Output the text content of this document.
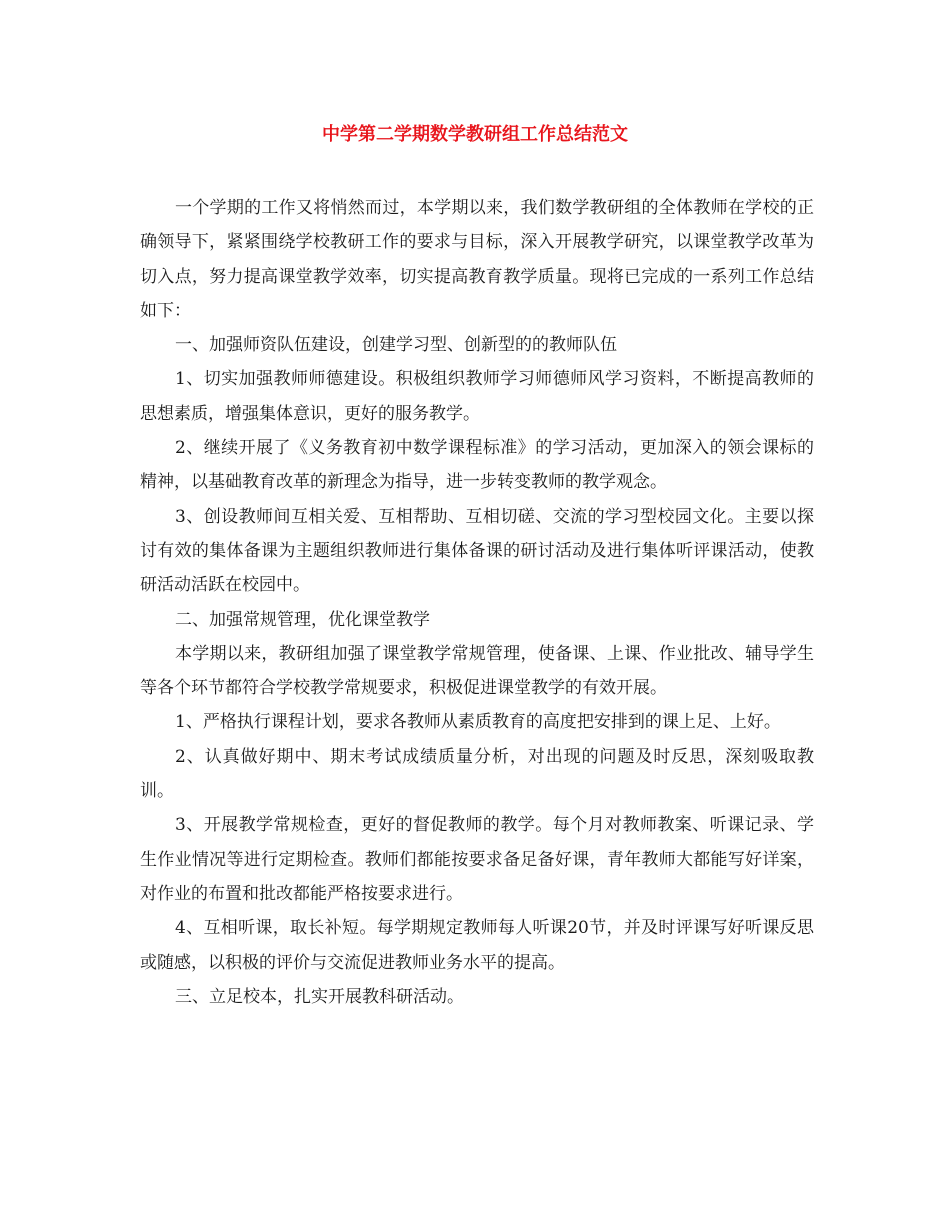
中学第二学期数学教研组工作总结范文

一个学期的工作又将悄然而过，本学期以来，我们数学教研组的全体教师在学校的正确领导下，紧紧围绕学校教研工作的要求与目标，深入开展教学研究，以课堂教学改革为切入点，努力提高课堂教学效率，切实提高教育教学质量。现将已完成的一系列工作总结如下：

一、加强师资队伍建设，创建学习型、创新型的的教师队伍

1、切实加强教师师德建设。积极组织教师学习师德师风学习资料，不断提高教师的思想素质，增强集体意识，更好的服务教学。

2、继续开展了《义务教育初中数学课程标准》的学习活动，更加深入的领会课标的精神，以基础教育改革的新理念为指导，进一步转变教师的教学观念。

3、创设教师间互相关爱、互相帮助、互相切磋、交流的学习型校园文化。主要以探讨有效的集体备课为主题组织教师进行集体备课的研讨活动及进行集体听评课活动，使教研活动活跃在校园中。

二、加强常规管理，优化课堂教学

本学期以来，教研组加强了课堂教学常规管理，使备课、上课、作业批改、辅导学生等各个环节都符合学校教学常规要求，积极促进课堂教学的有效开展。

1、严格执行课程计划，要求各教师从素质教育的高度把安排到的课上足、上好。

2、认真做好期中、期末考试成绩质量分析，对出现的问题及时反思，深刻吸取教训。

3、开展教学常规检查，更好的督促教师的教学。每个月对教师教案、听课记录、学生作业情况等进行定期检查。教师们都能按要求备足备好课，青年教师大都能写好详案，对作业的布置和批改都能严格按要求进行。

4、互相听课，取长补短。每学期规定教师每人听课20节，并及时评课写好听课反思或随感，以积极的评价与交流促进教师业务水平的提高。

三、立足校本，扎实开展教科研活动。
